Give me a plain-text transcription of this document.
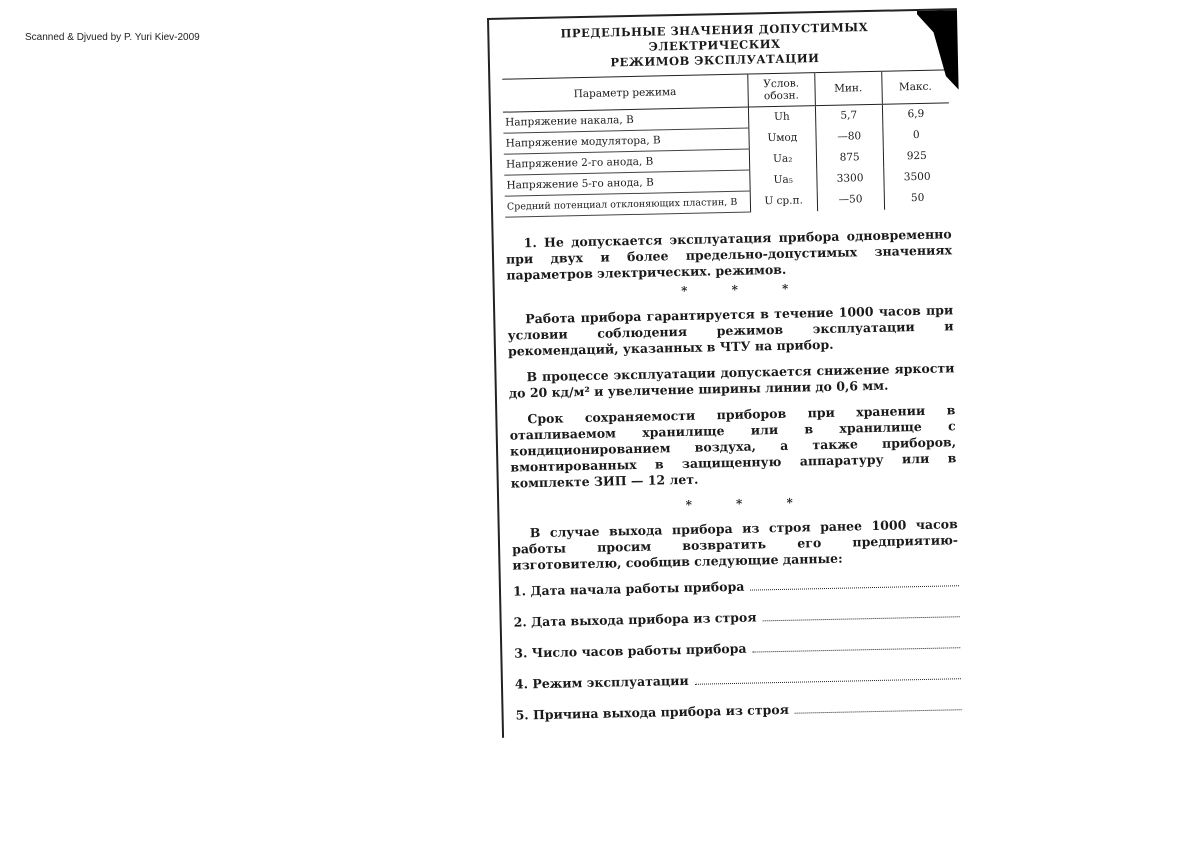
Scanned & Djvued by P. Yuri Kiev-2009	ПРЕДЕЛЬНЫЕ ЗНАЧЕНИЯ ДОПУСТИМЫХ ЭЛЕКТРИЧЕСКИХ
РЕЖИМОВ ЭКСПЛУАТАЦИИ
Параметр режима	Услов. обозн.	Мин.	Макс.
Напряжение накала, В	Uh	5,7	6,9
Напряжение модулятора, В	Uмод	—80	0
Напряжение 2-го анода, В	Ua₂	875	925
Напряжение 5-го анода, В	Ua₅	3300	3500
Средний потенциал отклоняющих пластин, В	U ср.п.	—50	50
1. Не допускается эксплуатация прибора одновременно при двух и более предельно-допустимых значениях параметров электрических. режимов.
* * *
Работа прибора гарантируется в течение 1000 часов при условии соблюдения режимов эксплуатации и рекомендаций, указанных в ЧТУ на прибор.
В процессе эксплуатации допускается снижение яркости до 20 кд/м² и увеличение ширины линии до 0,6 мм.
Срок сохраняемости приборов при хранении в отапливаемом хранилище или в хранилище с кондиционированием воздуха, а также приборов, вмонтированных в защищенную аппаратуру или в комплекте ЗИП — 12 лет.
* * *
В случае выхода прибора из строя ранее 1000 часов работы просим возвратить его предприятию-изготовителю, сообщив следующие данные:
1. Дата начала работы прибора
2. Дата выхода прибора из строя
3. Число часов работы прибора
4. Режим эксплуатации
5. Причина выхода прибора из строя
